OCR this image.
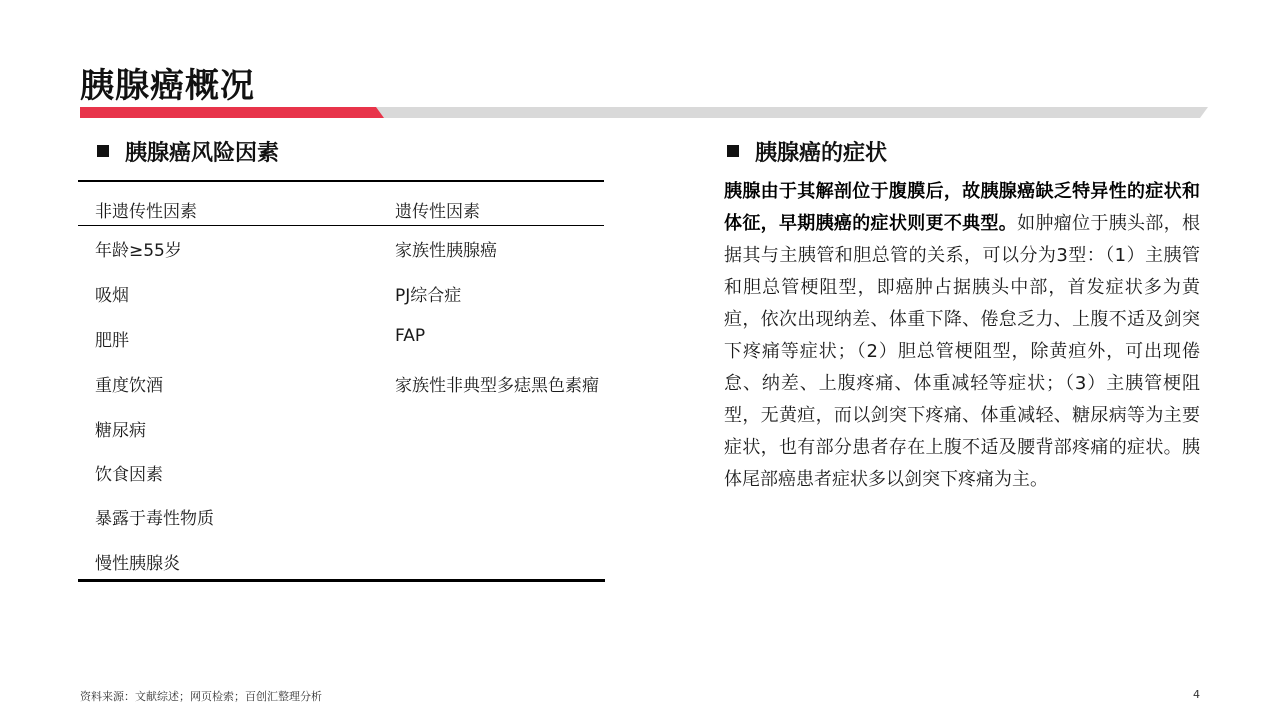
胰腺癌概况
胰腺癌风险因素
非遗传性因素	遗传性因素
年龄≥55岁
吸烟
肥胖
重度饮酒
糖尿病
饮食因素
暴露于毒性物质
慢性胰腺炎
家族性胰腺癌
PJ综合症
FAP
家族性非典型多痣黑色素瘤
胰腺癌的症状
胰腺由于其解剖位于腹膜后，故胰腺癌缺乏特异性的症状和体征，早期胰癌的症状则更不典型。如肿瘤位于胰头部，根据其与主胰管和胆总管的关系，可以分为3型：（1）主胰管和胆总管梗阻型，即癌肿占据胰头中部，首发症状多为黄疸，依次出现纳差、体重下降、倦怠乏力、上腹不适及剑突下疼痛等症状；（2）胆总管梗阻型，除黄疸外，可出现倦怠、纳差、上腹疼痛、体重减轻等症状；（3）主胰管梗阻型，无黄疸，而以剑突下疼痛、体重减轻、糖尿病等为主要症状，也有部分患者存在上腹不适及腰背部疼痛的症状。胰体尾部癌患者症状多以剑突下疼痛为主。
资料来源：文献综述；网页检索；百创汇整理分析	4
